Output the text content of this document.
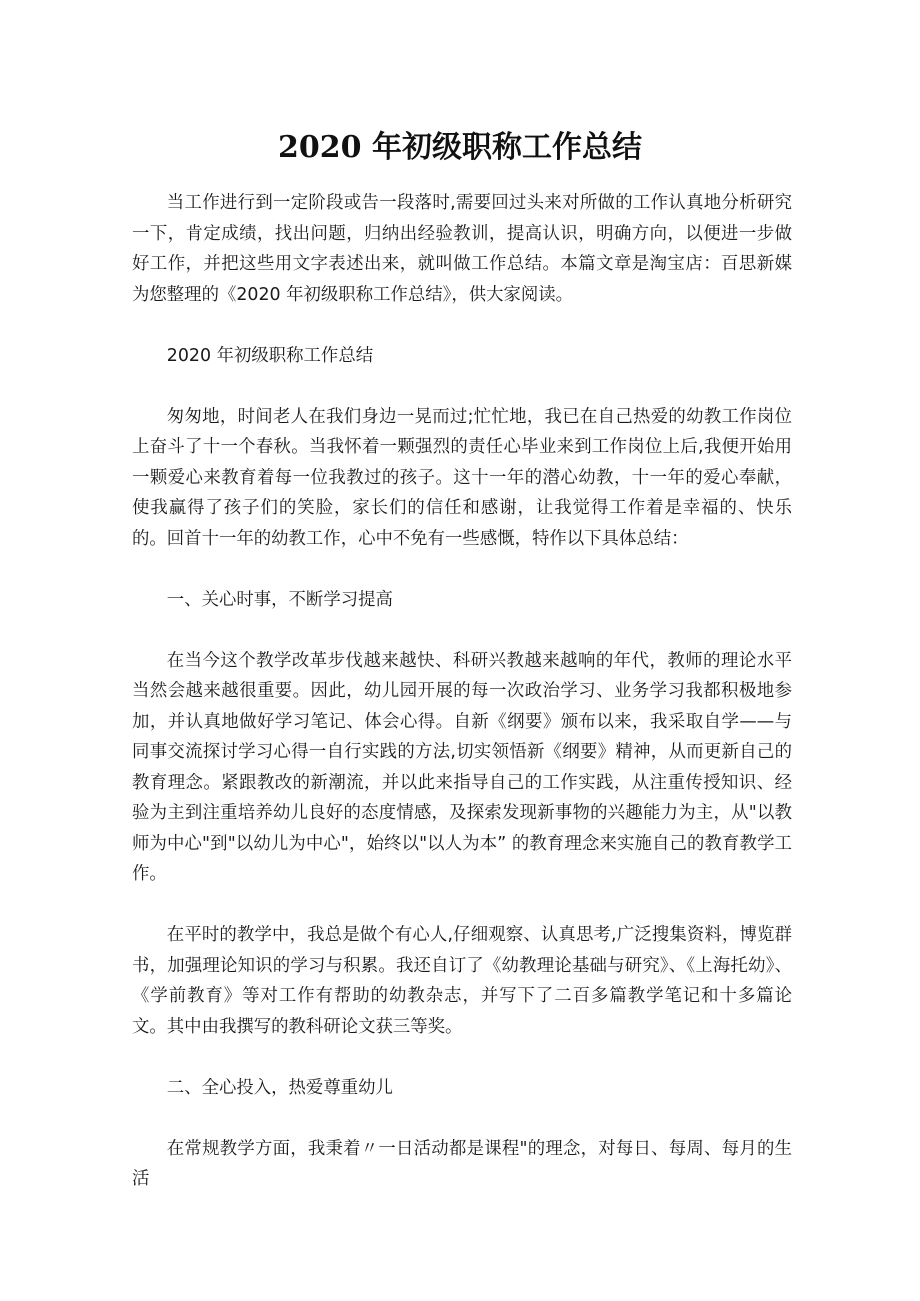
2020 年初级职称工作总结

当工作进行到一定阶段或告一段落时,需要回过头来对所做的工作认真地分析研究一下，肯定成绩，找出问题，归纳出经验教训，提高认识，明确方向，以便进一步做好工作，并把这些用文字表述出来，就叫做工作总结。本篇文章是淘宝店：百思新媒为您整理的《2020 年初级职称工作总结》，供大家阅读。

2020 年初级职称工作总结

匆匆地，时间老人在我们身边一晃而过;忙忙地，我已在自己热爱的幼教工作岗位上奋斗了十一个春秋。当我怀着一颗强烈的责任心毕业来到工作岗位上后,我便开始用一颗爱心来教育着每一位我教过的孩子。这十一年的潜心幼教，十一年的爱心奉献，使我赢得了孩子们的笑脸，家长们的信任和感谢，让我觉得工作着是幸福的、快乐的。回首十一年的幼教工作，心中不免有一些感慨，特作以下具体总结：

一、关心时事，不断学习提高

在当今这个教学改革步伐越来越快、科研兴教越来越响的年代，教师的理论水平当然会越来越很重要。因此，幼儿园开展的每一次政治学习、业务学习我都积极地参加，并认真地做好学习笔记、体会心得。自新《纲要》颁布以来，我采取自学——与同事交流探讨学习心得一自行实践的方法,切实领悟新《纲要》精神，从而更新自己的教育理念。紧跟教改的新潮流，并以此来指导自己的工作实践，从注重传授知识、经验为主到注重培养幼儿良好的态度情感，及探索发现新事物的兴趣能力为主，从"以教师为中心"到"以幼儿为中心"，始终以"以人为本” 的教育理念来实施自己的教育教学工作。

在平时的教学中，我总是做个有心人,仔细观察、认真思考,广泛搜集资料，博览群书，加强理论知识的学习与积累。我还自订了《幼教理论基础与研究》、《上海托幼》、《学前教育》等对工作有帮助的幼教杂志，并写下了二百多篇教学笔记和十多篇论文。其中由我撰写的教科研论文获三等奖。

二、全心投入，热爱尊重幼儿

在常规教学方面，我秉着〃一日活动都是课程"的理念，对每日、每周、每月的生活
